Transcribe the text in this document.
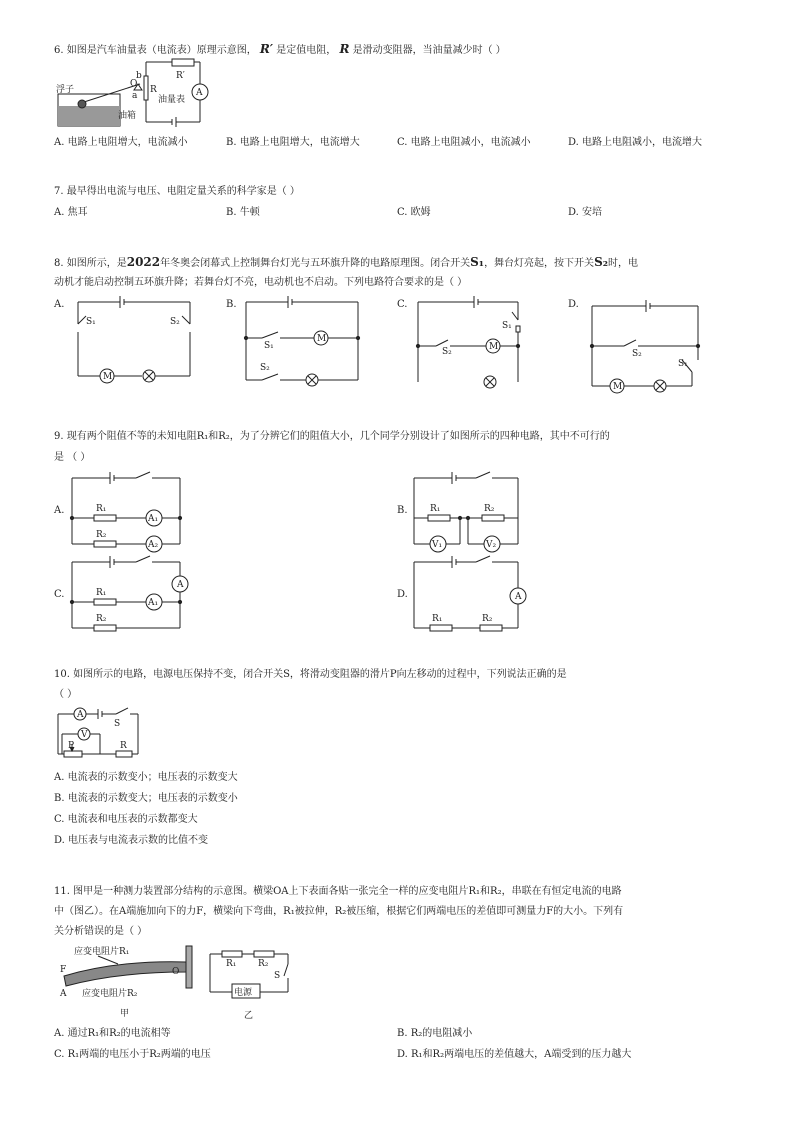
6. 如图是汽车油量表（电流表）原理示意图， R′ 是定值电阻， R 是滑动变阻器，当油量减少时（ ）
浮子
O
油箱
b
a
R
R′
A
油量表
A. 电路上电阻增大，电流减小	B. 电路上电阻增大，电流增大	C. 电路上电阻减小，电流减小	D. 电路上电阻减小，电流增大
7. 最早得出电流与电压、电阻定量关系的科学家是（ ）
A. 焦耳	B. 牛顿	C. 欧姆	D. 安培
8. 如图所示，是2022年冬奥会闭幕式上控制舞台灯光与五环旗升降的电路原理图。闭合开关S₁，舞台灯亮起，按下开关S₂时，电
动机才能启动控制五环旗升降；若舞台灯不亮，电动机也不启动。下列电路符合要求的是（ ）
A.
S₁	S₂
M
B.
S₁
M
S₂
C.
S₁
S₂	M
D.
S₂
S₁
M
9. 现有两个阻值不等的未知电阻R₁和R₂，为了分辨它们的阻值大小，几个同学分别设计了如图所示的四种电路，其中不可行的
是 （ ）
A.	R₁
A₁
R₂
A₂
B. R₁	R₂
V₁	V₂
C.
A
R₁
A₁
R₂
D.	A
R₁	R₂
10. 如图所示的电路，电源电压保持不变，闭合开关S，将滑动变阻器的滑片P向左移动的过程中，下列说法正确的是
（ ）
A
S
V
P	R
A. 电流表的示数变小；电压表的示数变大
B. 电流表的示数变大；电压表的示数变小
C. 电流表和电压表的示数都变大
D. 电压表与电流表示数的比值不变
11. 图甲是一种测力装置部分结构的示意图。横梁OA上下表面各贴一张完全一样的应变电阻片R₁和R₂，串联在有恒定电流的电路
中（图乙）。在A端施加向下的力F，横梁向下弯曲，R₁被拉伸，R₂被压缩，根据它们两端电压的差值即可测量力F的大小。下列有
关分析错误的是（ ）
应变电阻片R₁
O
F
A 应变电阻片R₂
甲
R₁ R₂
S
电源
乙
A. 通过R₁和R₂的电流相等	B. R₂的电阻减小
C. R₁两端的电压小于R₂两端的电压	D. R₁和R₂两端电压的差值越大，A端受到的压力越大
